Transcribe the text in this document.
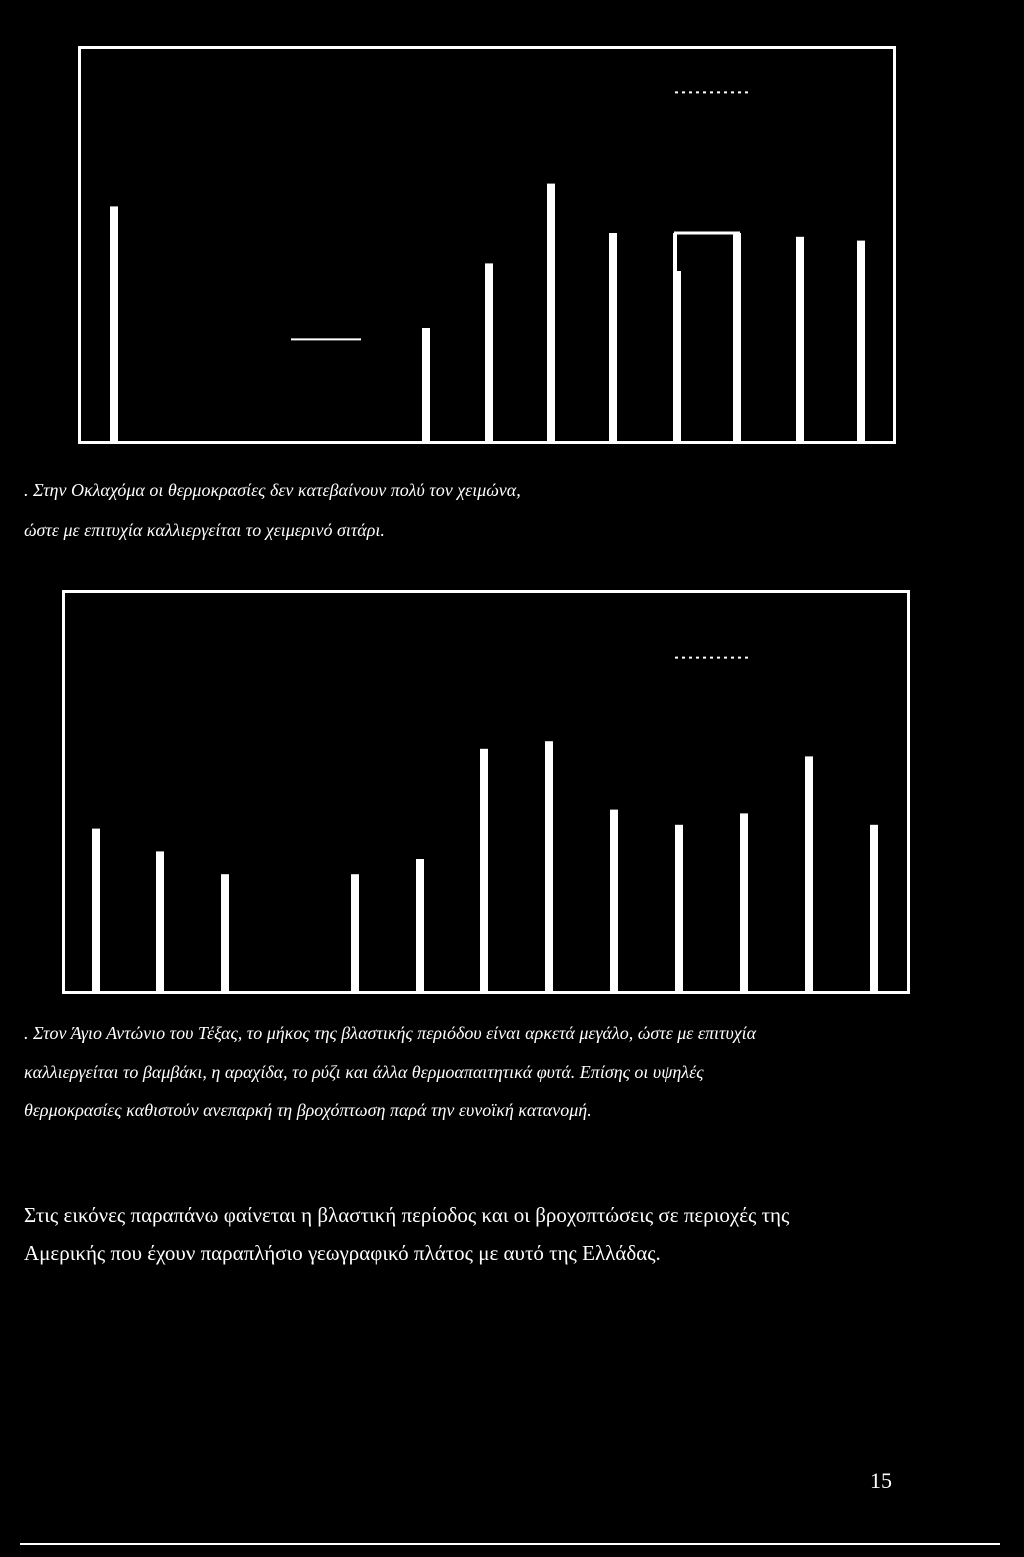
. Στην Οκλαχόμα οι θερμοκρασίες δεν κατεβαίνουν πολύ τον χειμώνα,
ώστε με επιτυχία καλλιεργείται το χειμερινό σιτάρι.
. Στον Άγιο Αντώνιο του Τέξας, το μήκος της βλαστικής περιόδου είναι αρκετά μεγάλο, ώστε με επιτυχία
καλλιεργείται το βαμβάκι, η αραχίδα, το ρύζι και άλλα θερμοαπαιτητικά φυτά. Επίσης οι υψηλές
θερμοκρασίες καθιστούν ανεπαρκή τη βροχόπτωση παρά την ευνοϊκή κατανομή.
Στις εικόνες παραπάνω φαίνεται η βλαστική περίοδος και οι βροχοπτώσεις σε περιοχές της
Αμερικής που έχουν παραπλήσιο γεωγραφικό πλάτος με αυτό της Ελλάδας.
15
